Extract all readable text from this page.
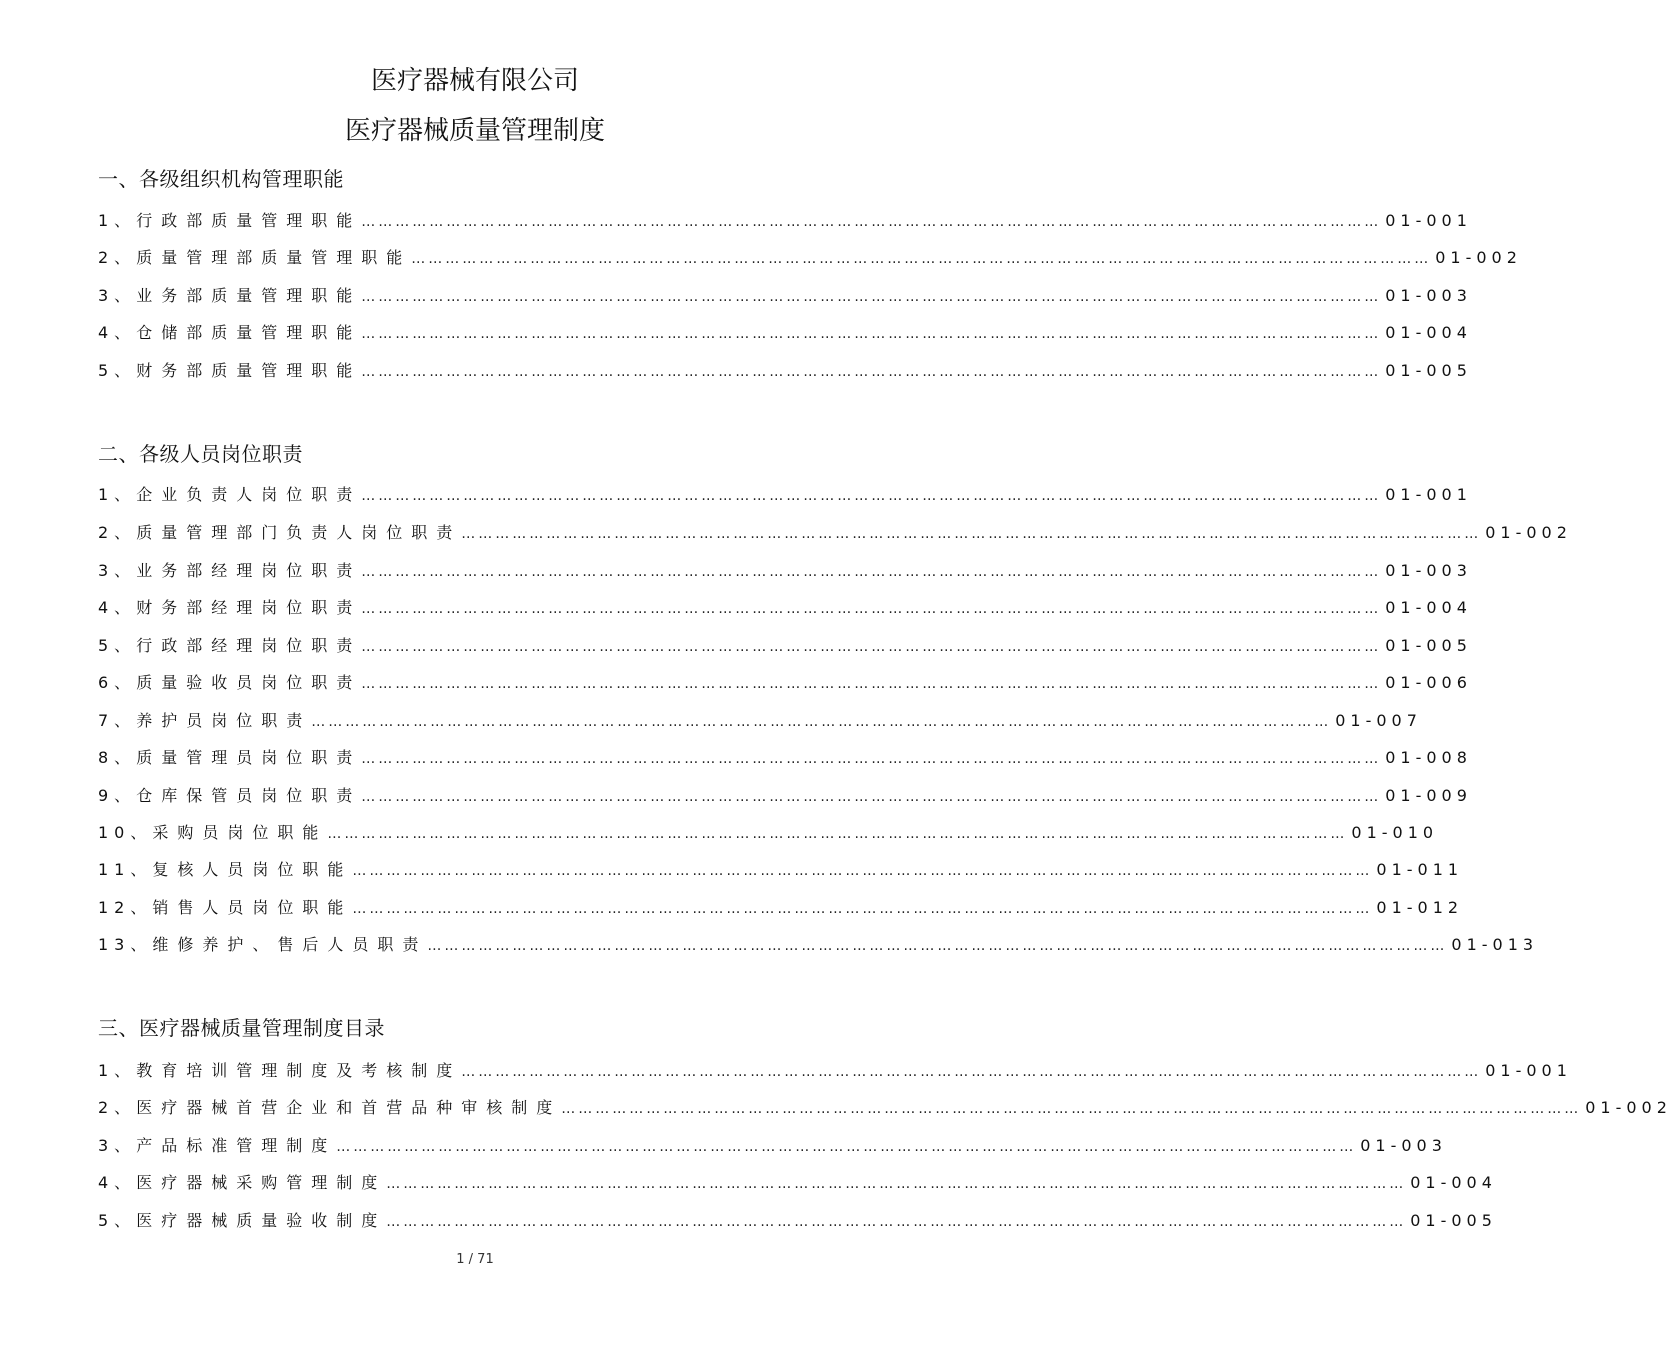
医疗器械有限公司
医疗器械质量管理制度
一、各级组织机构管理职能
1、 行政部质量管理职能 ……………………………………………………………………………………………………………………………………………………………… 01-001
2、 质量管理部质量管理职能 ……………………………………………………………………………………………………………………………………………………………… 01-002
3、 业务部质量管理职能 ……………………………………………………………………………………………………………………………………………………………… 01-003
4、 仓储部质量管理职能 ……………………………………………………………………………………………………………………………………………………………… 01-004
5、 财务部质量管理职能 ……………………………………………………………………………………………………………………………………………………………… 01-005
二、各级人员岗位职责
1、 企业负责人岗位职责 ……………………………………………………………………………………………………………………………………………………………… 01-001
2、 质量管理部门负责人岗位职责 ……………………………………………………………………………………………………………………………………………………………… 01-002
3、 业务部经理岗位职责 ……………………………………………………………………………………………………………………………………………………………… 01-003
4、 财务部经理岗位职责 ……………………………………………………………………………………………………………………………………………………………… 01-004
5、 行政部经理岗位职责 ……………………………………………………………………………………………………………………………………………………………… 01-005
6、 质量验收员岗位职责 ……………………………………………………………………………………………………………………………………………………………… 01-006
7、 养护员岗位职责 ……………………………………………………………………………………………………………………………………………………………… 01-007
8、 质量管理员岗位职责 ……………………………………………………………………………………………………………………………………………………………… 01-008
9、 仓库保管员岗位职责 ……………………………………………………………………………………………………………………………………………………………… 01-009
10、 采购员岗位职能 ……………………………………………………………………………………………………………………………………………………………… 01-010
11、 复核人员岗位职能 ……………………………………………………………………………………………………………………………………………………………… 01-011
12、 销售人员岗位职能 ……………………………………………………………………………………………………………………………………………………………… 01-012
13、 维修养护、售后人员职责 ……………………………………………………………………………………………………………………………………………………………… 01-013
三、医疗器械质量管理制度目录
1、 教育培训管理制度及考核制度 ……………………………………………………………………………………………………………………………………………………………… 01-001
2、 医疗器械首营企业和首营品种审核制度 ……………………………………………………………………………………………………………………………………………………………… 01-002
3、 产品标准管理制度 ……………………………………………………………………………………………………………………………………………………………… 01-003
4、 医疗器械采购管理制度 ……………………………………………………………………………………………………………………………………………………………… 01-004
5、 医疗器械质量验收制度 ……………………………………………………………………………………………………………………………………………………………… 01-005
1 / 71
